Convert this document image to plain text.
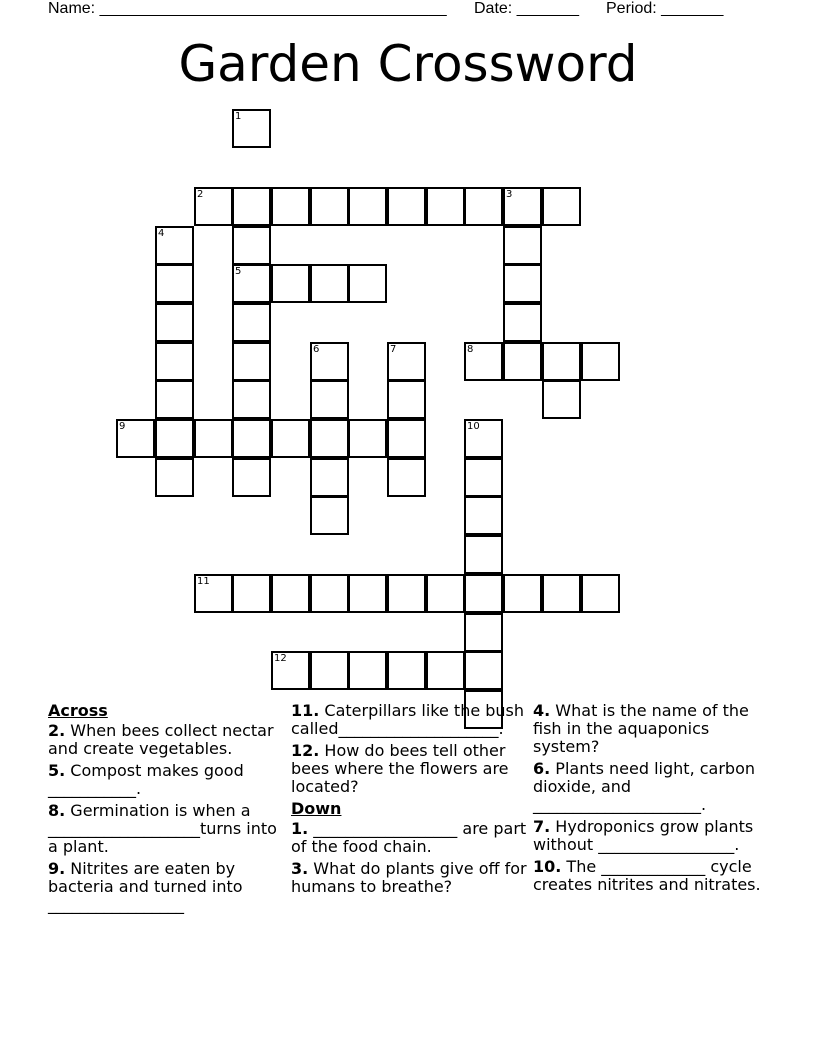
Name: _______________________________________

Date: _______

Period: _______

Garden Crossword
1
2	3
4
5
6	7	8
9	10
11
12
Across
2. When bees collect nectar and create vegetables.
5. Compost makes good ___________.
8. Germination is when a ___________________turns into a plant.
9. Nitrites are eaten by bacteria and turned into _________________
11. Caterpillars like the bush called____________________.
12. How do bees tell other bees where the flowers are located?
Down
1. __________________ are part of the food chain.
3. What do plants give off for humans to breathe?
4. What is the name of the fish in the aquaponics system?
6. Plants need light, carbon dioxide, and _____________________.
7. Hydroponics grow plants without _________________.
10. The _____________ cycle creates nitrites and nitrates.
